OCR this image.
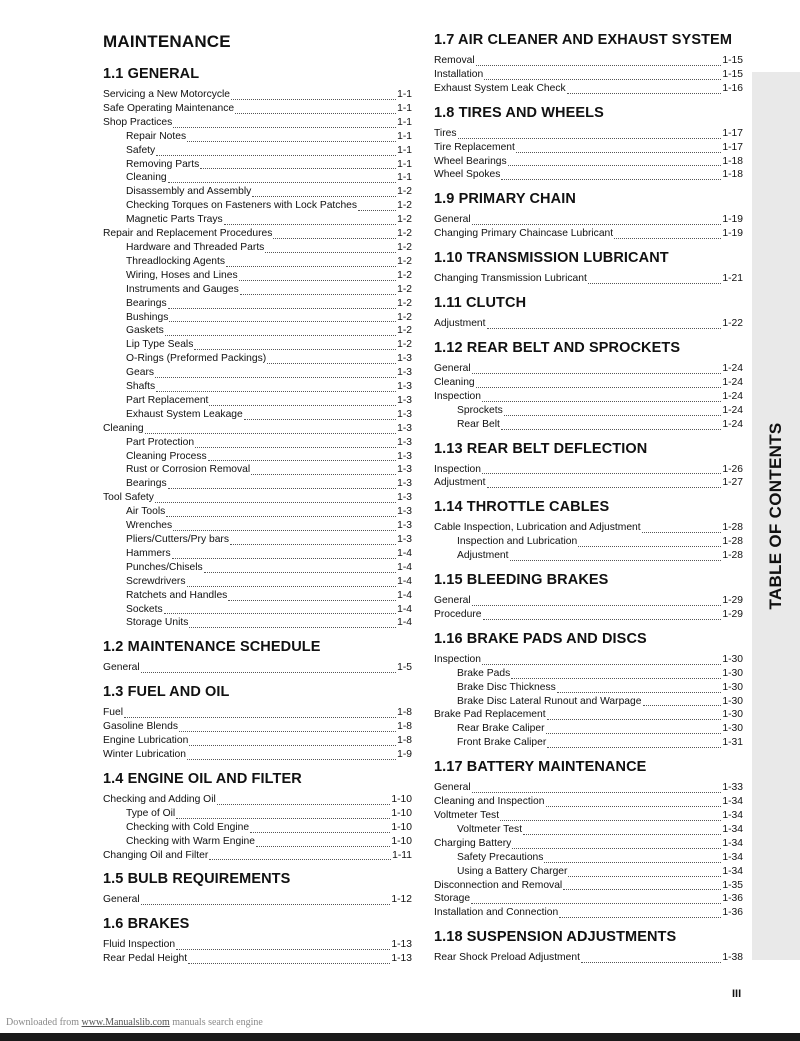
MAINTENANCE
1.1 GENERAL
Servicing a New Motorcycle	1-1
Safe Operating Maintenance	1-1
Shop Practices	1-1
Repair Notes	1-1
Safety	1-1
Removing Parts	1-1
Cleaning	1-1
Disassembly and Assembly	1-2
Checking Torques on Fasteners with Lock Patches	1-2
Magnetic Parts Trays	1-2
Repair and Replacement Procedures	1-2
Hardware and Threaded Parts	1-2
Threadlocking Agents	1-2
Wiring, Hoses and Lines	1-2
Instruments and Gauges	1-2
Bearings	1-2
Bushings	1-2
Gaskets	1-2
Lip Type Seals	1-2
O-Rings (Preformed Packings)	1-3
Gears	1-3
Shafts	1-3
Part Replacement	1-3
Exhaust System Leakage	1-3
Cleaning	1-3
Part Protection	1-3
Cleaning Process	1-3
Rust or Corrosion Removal	1-3
Bearings	1-3
Tool Safety	1-3
Air Tools	1-3
Wrenches	1-3
Pliers/Cutters/Pry bars	1-3
Hammers	1-4
Punches/Chisels	1-4
Screwdrivers	1-4
Ratchets and Handles	1-4
Sockets	1-4
Storage Units	1-4
1.2 MAINTENANCE SCHEDULE
General	1-5
1.3 FUEL AND OIL
Fuel	1-8
Gasoline Blends	1-8
Engine Lubrication	1-8
Winter Lubrication	1-9
1.4 ENGINE OIL AND FILTER
Checking and Adding Oil	1-10
Type of Oil	1-10
Checking with Cold Engine	1-10
Checking with Warm Engine	1-10
Changing Oil and Filter	1-11
1.5 BULB REQUIREMENTS
General	1-12
1.6 BRAKES
Fluid Inspection	1-13
Rear Pedal Height	1-13
1.7 AIR CLEANER AND EXHAUST SYSTEM
Removal	1-15
Installation	1-15
Exhaust System Leak Check	1-16
1.8 TIRES AND WHEELS
Tires	1-17
Tire Replacement	1-17
Wheel Bearings	1-18
Wheel Spokes	1-18
1.9 PRIMARY CHAIN
General	1-19
Changing Primary Chaincase Lubricant	1-19
1.10 TRANSMISSION LUBRICANT
Changing Transmission Lubricant	1-21
1.11 CLUTCH
Adjustment	1-22
1.12 REAR BELT AND SPROCKETS
General	1-24
Cleaning	1-24
Inspection	1-24
Sprockets	1-24
Rear Belt	1-24
1.13 REAR BELT DEFLECTION
Inspection	1-26
Adjustment	1-27
1.14 THROTTLE CABLES
Cable Inspection, Lubrication and Adjustment	1-28
Inspection and Lubrication	1-28
Adjustment	1-28
1.15 BLEEDING BRAKES
General	1-29
Procedure	1-29
1.16 BRAKE PADS AND DISCS
Inspection	1-30
Brake Pads	1-30
Brake Disc Thickness	1-30
Brake Disc Lateral Runout and Warpage	1-30
Brake Pad Replacement	1-30
Rear Brake Caliper	1-30
Front Brake Caliper	1-31
1.17 BATTERY MAINTENANCE
General	1-33
Cleaning and Inspection	1-34
Voltmeter Test	1-34
Voltmeter Test	1-34
Charging Battery	1-34
Safety Precautions	1-34
Using a Battery Charger	1-34
Disconnection and Removal	1-35
Storage	1-36
Installation and Connection	1-36
1.18 SUSPENSION ADJUSTMENTS
Rear Shock Preload Adjustment	1-38
TABLE OF CONTENTS
III
Downloaded from www.Manualslib.com manuals search engine
